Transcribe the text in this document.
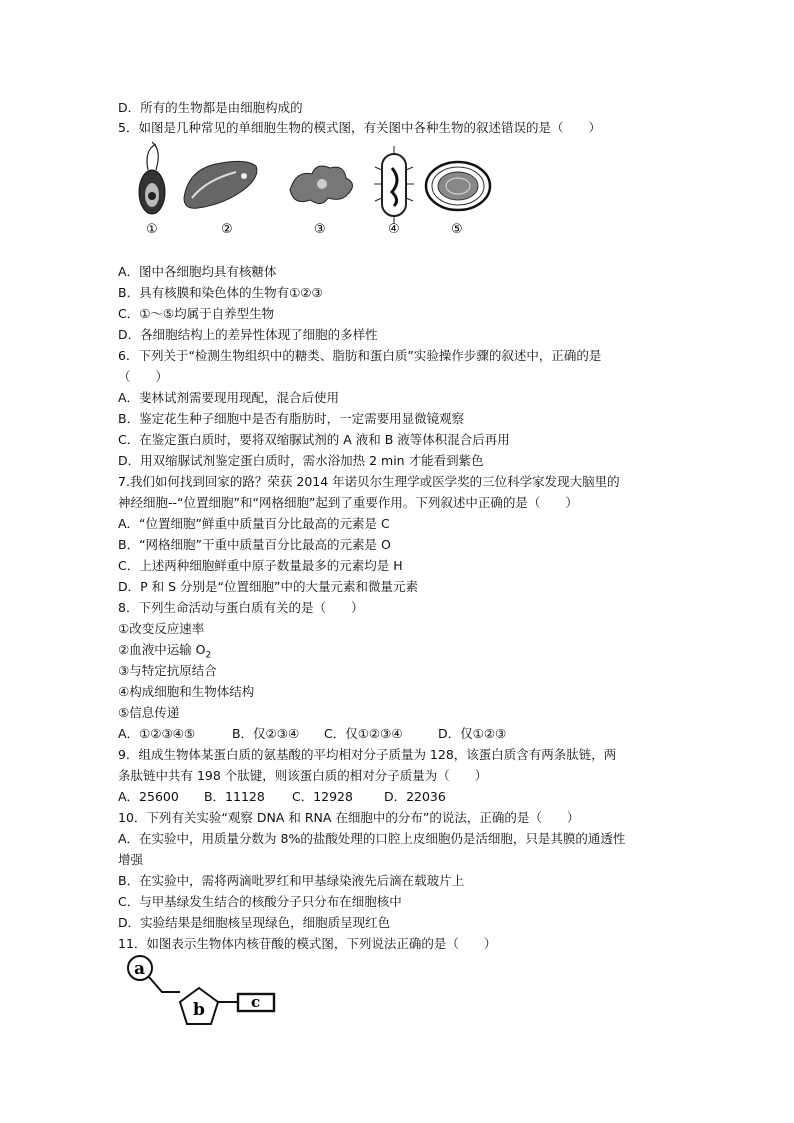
D．所有的生物都是由细胞构成的
5．如图是几种常见的单细胞生物的模式图，有关图中各种生物的叙述错误的是（　　）
①	②	③	④	⑤
A．图中各细胞均具有核糖体
B．具有核膜和染色体的生物有①②③
C．①～⑤均属于自养型生物
D．各细胞结构上的差异性体现了细胞的多样性
6．下列关于“检测生物组织中的糖类、脂肪和蛋白质”实验操作步骤的叙述中，正确的是
（　　）
A．斐林试剂需要现用现配，混合后使用
B．鉴定花生种子细胞中是否有脂肪时，一定需要用显微镜观察
C．在鉴定蛋白质时，要将双缩脲试剂的 A 液和 B 液等体积混合后再用
D．用双缩脲试剂鉴定蛋白质时，需水浴加热 2 min 才能看到紫色
7.我们如何找到回家的路？荣获 2014 年诺贝尔生理学或医学奖的三位科学家发现大脑里的
神经细胞--“位置细胞”和“网格细胞”起到了重要作用。下列叙述中正确的是（　　）
A．“位置细胞”鲜重中质量百分比最高的元素是 C
B．“网格细胞”干重中质量百分比最高的元素是 O
C．上述两种细胞鲜重中原子数量最多的元素均是 H
D．P 和 S 分别是“位置细胞”中的大量元素和微量元素
8．下列生命活动与蛋白质有关的是（　　）
①改变反应速率
②血液中运输 $O_2$
③与特定抗原结合
④构成细胞和生物体结构
⑤信息传递
A．①②③④⑤	B．仅②③④ C．仅①②③④	D．仅①②③
9．组成生物体某蛋白质的氨基酸的平均相对分子质量为 128，该蛋白质含有两条肽链，两
条肽链中共有 198 个肽键，则该蛋白质的相对分子质量为（　　）
A．25600 B．11128 C．12928 D．22036
10．下列有关实验“观察 DNA 和 RNA 在细胞中的分布”的说法，正确的是（　　）
A．在实验中，用质量分数为 8%的盐酸处理的口腔上皮细胞仍是活细胞，只是其膜的通透性
增强
B．在实验中，需将两滴吡罗红和甲基绿染液先后滴在载玻片上
C．与甲基绿发生结合的核酸分子只分布在细胞核中
D．实验结果是细胞核呈现绿色，细胞质呈现红色
11．如图表示生物体内核苷酸的模式图，下列说法正确的是（　　）
a
b	c
